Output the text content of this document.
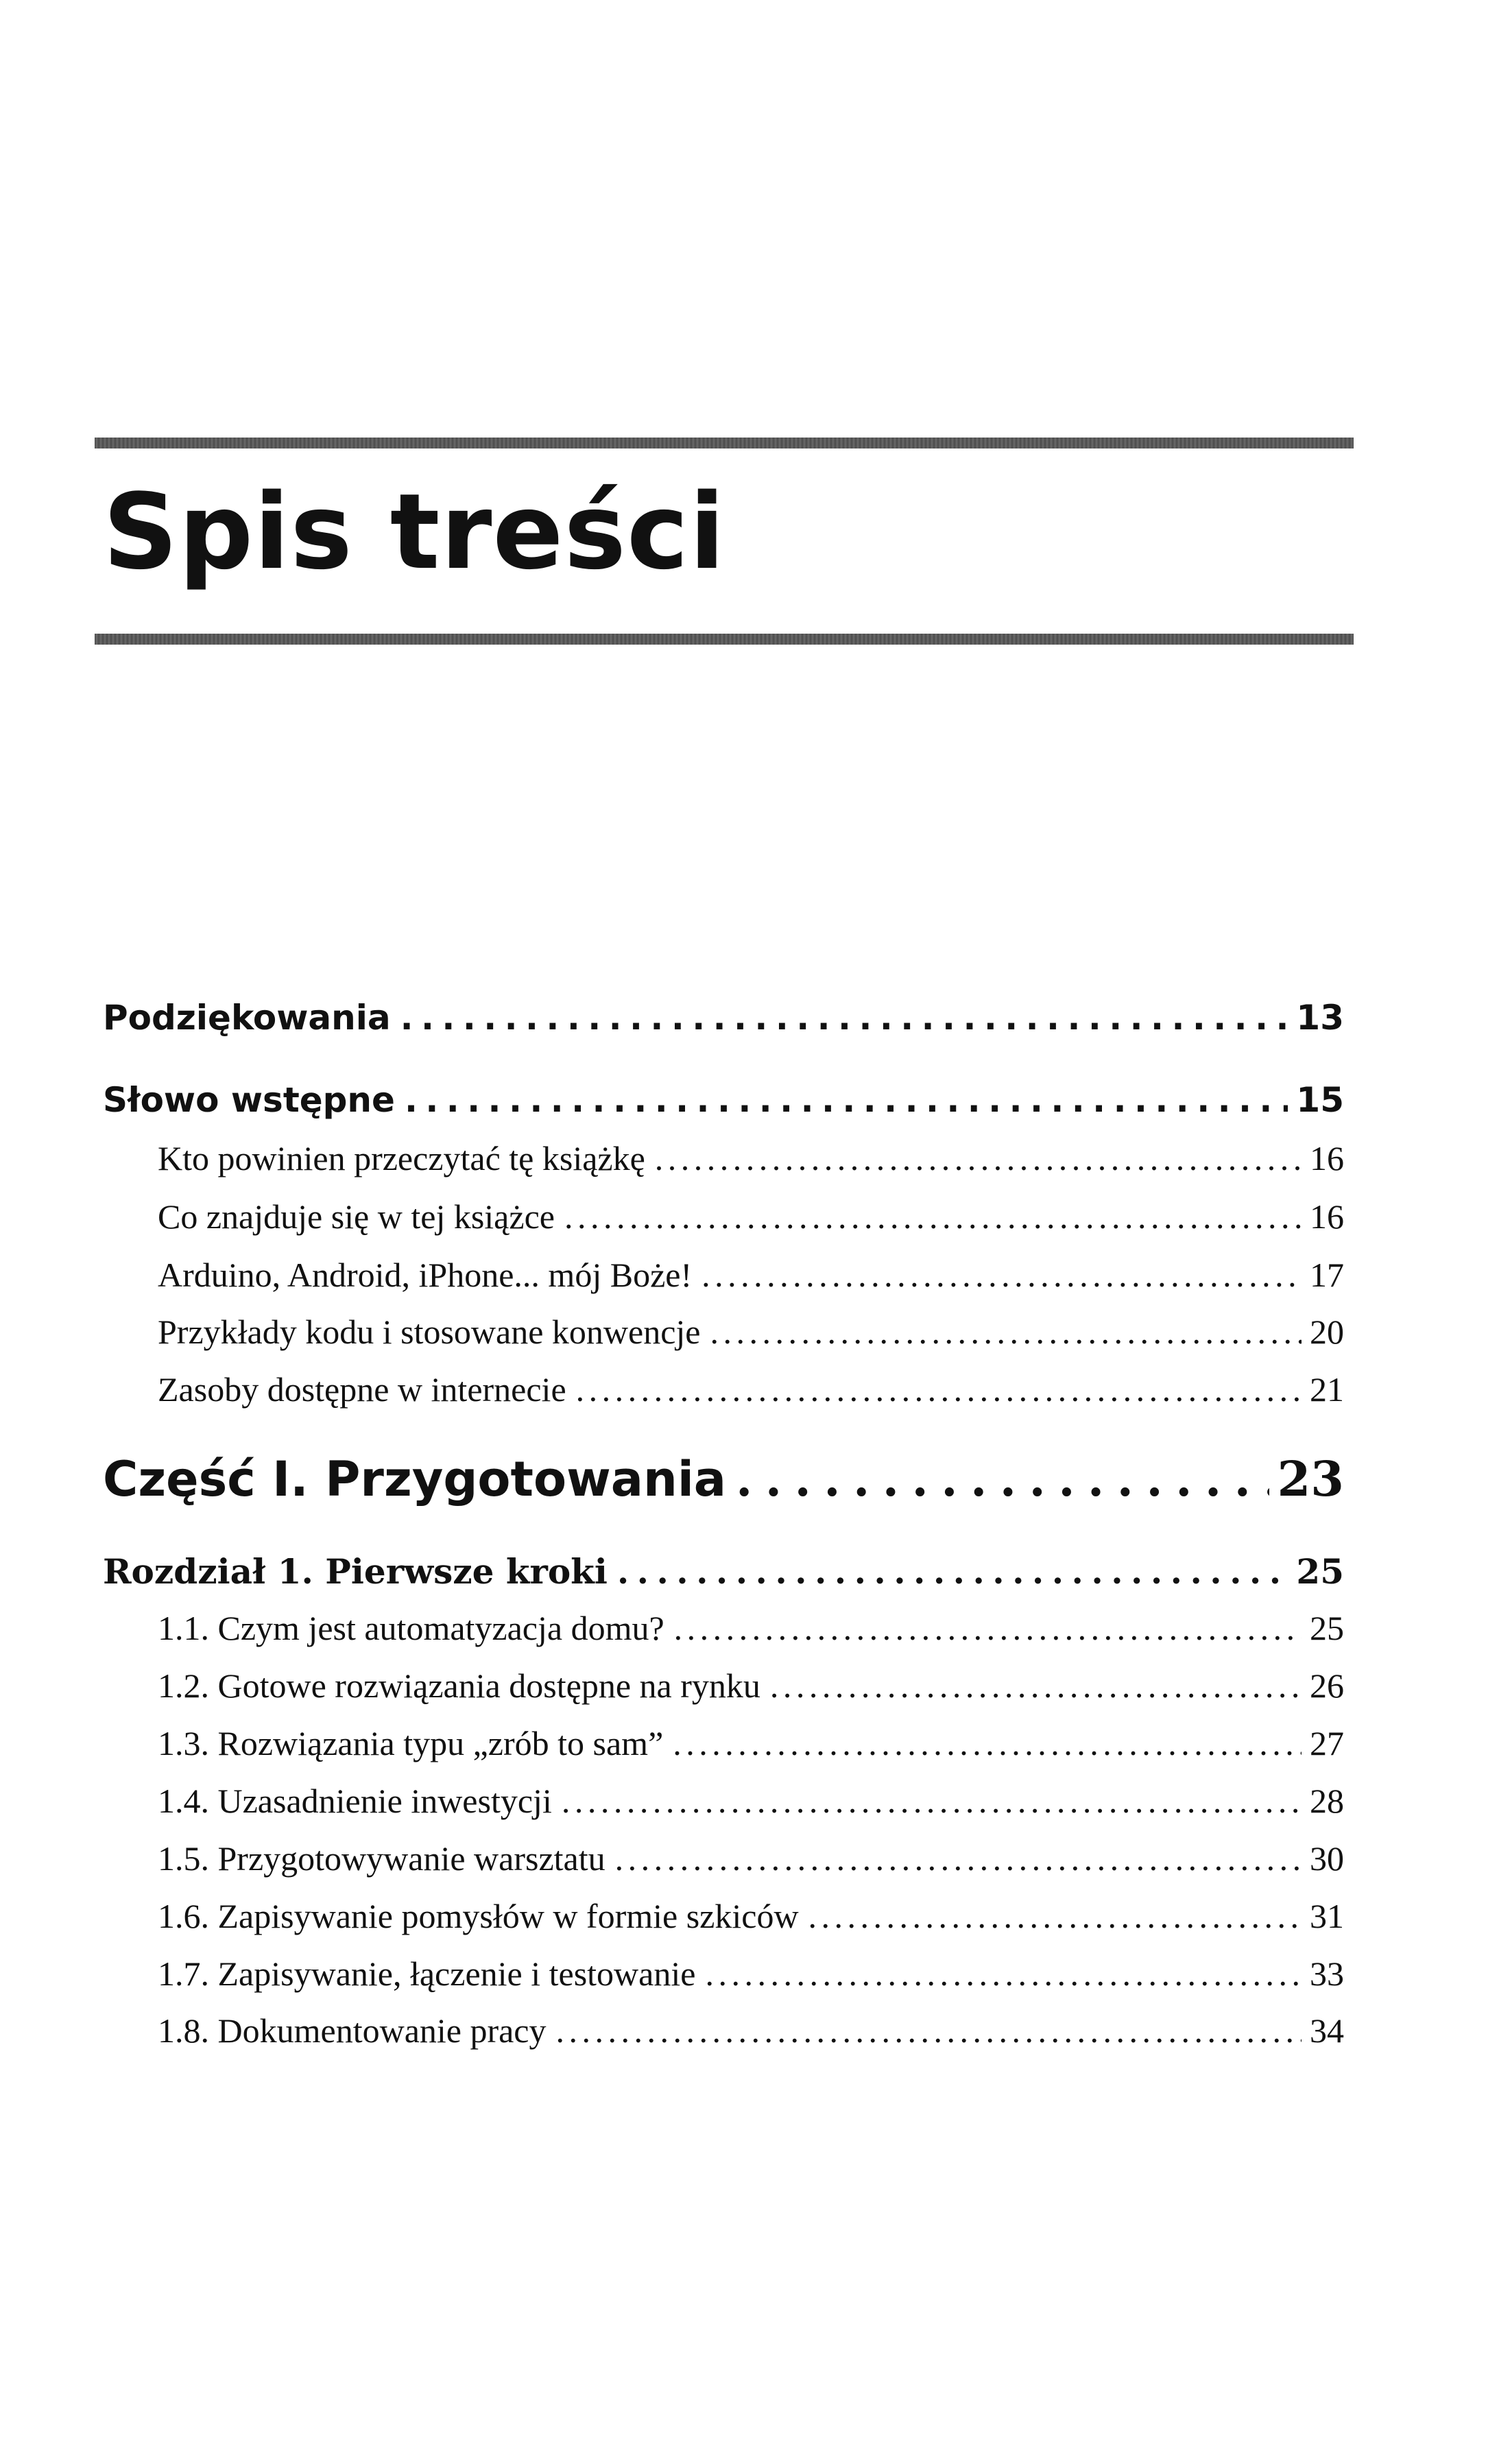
Spis treści
Podziękowania . . .	13
Słowo wstępne . . .	15
Kto powinien przeczytać tę książkę . . .	16
Co znajduje się w tej książce . . .	16
Arduino, Android, iPhone... mój Boże! . . .	17
Przykłady kodu i stosowane konwencje . . .	20
Zasoby dostępne w internecie . . .	21
Część I. Przygotowania . . .	23
Rozdział 1. Pierwsze kroki . . .	25
1.1. Czym jest automatyzacja domu? . . .	25
1.2. Gotowe rozwiązania dostępne na rynku . . .	26
1.3. Rozwiązania typu „zrób to sam” . . .	27
1.4. Uzasadnienie inwestycji . . .	28
1.5. Przygotowywanie warsztatu . . .	30
1.6. Zapisywanie pomysłów w formie szkiców . . .	31
1.7. Zapisywanie, łączenie i testowanie . . .	33
1.8. Dokumentowanie pracy . . .	34
